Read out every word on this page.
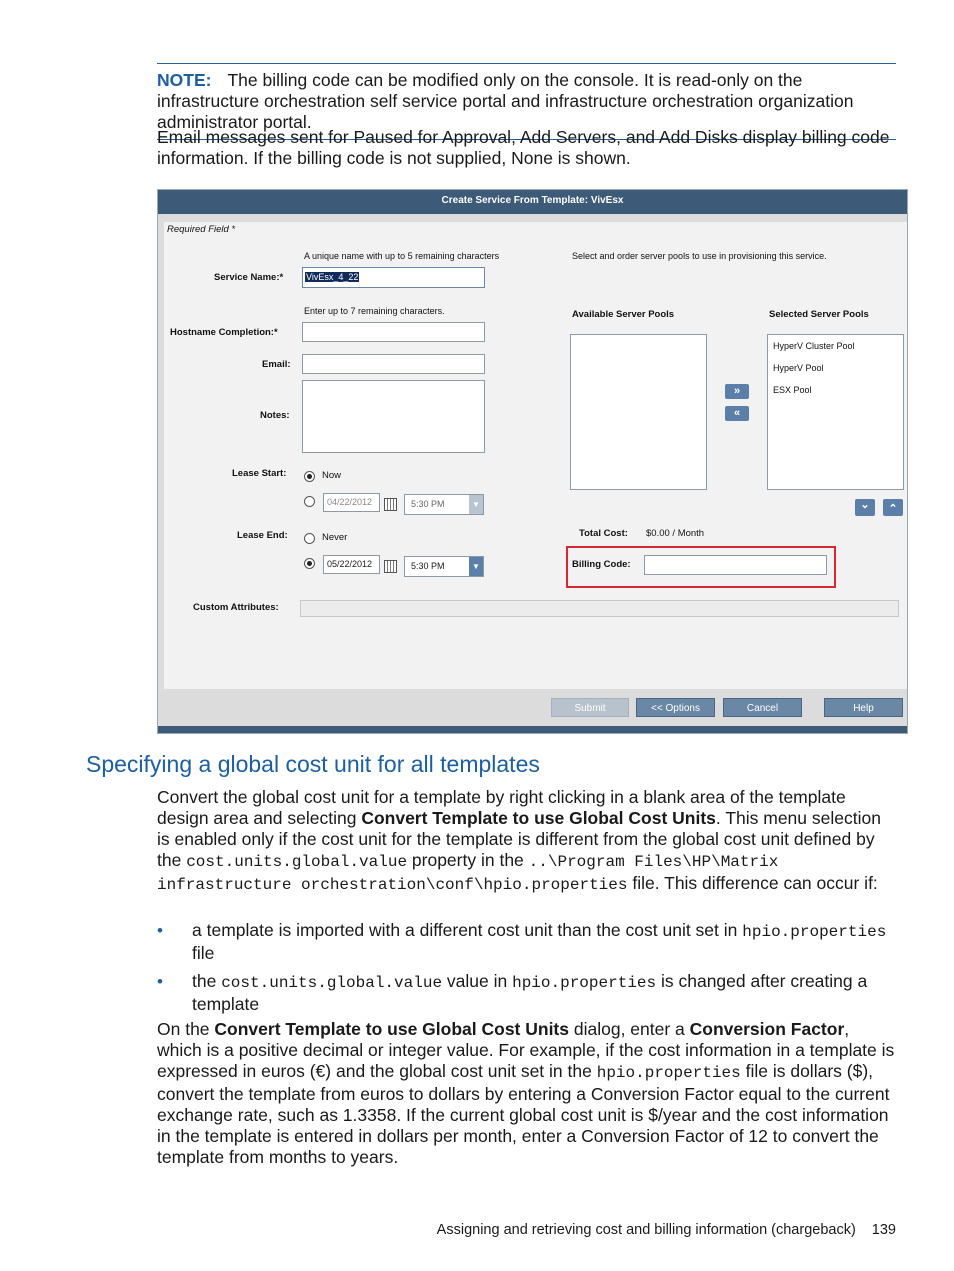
NOTE: The billing code can be modified only on the console. It is read-only on the infrastructure orchestration self service portal and infrastructure orchestration organization administrator portal.
Email messages sent for Paused for Approval, Add Servers, and Add Disks display billing code information. If the billing code is not supplied, None is shown.
Create Service From Template: VivEsx
Required Field *
A unique name with up to 5 remaining characters
Service Name:*	VivEsx_4_22
Enter up to 7 remaining characters.
Hostname Completion:*
Email:
Notes:
Lease Start:	Now
04/22/2012	5:30 PM	▼
Lease End:	Never
05/22/2012	5:30 PM	▼
Custom Attributes:
Select and order server pools to use in provisioning this service.
Available Server Pools	Selected Server Pools
HyperV Cluster Pool
HyperV Pool
ESX Pool
»
«
⌄	⌃
Total Cost: $0.00 / Month
Billing Code:
Submit	<< Options	Cancel	Help
Specifying a global cost unit for all templates
Convert the global cost unit for a template by right clicking in a blank area of the template design area and selecting Convert Template to use Global Cost Units. This menu selection is enabled only if the cost unit for the template is different from the global cost unit defined by the cost.units.global.value property in the ..\Program Files\HP\Matrix infrastructure orchestration\conf\hpio.properties file. This difference can occur if:
• a template is imported with a different cost unit than the cost unit set in hpio.properties file
• the cost.units.global.value value in hpio.properties is changed after creating a template
On the Convert Template to use Global Cost Units dialog, enter a Conversion Factor, which is a positive decimal or integer value. For example, if the cost information in a template is expressed in euros (€) and the global cost unit set in the hpio.properties file is dollars ($), convert the template from euros to dollars by entering a Conversion Factor equal to the current exchange rate, such as 1.3358. If the current global cost unit is $/year and the cost information in the template is entered in dollars per month, enter a Conversion Factor of 12 to convert the template from months to years.
Assigning and retrieving cost and billing information (chargeback) 139
